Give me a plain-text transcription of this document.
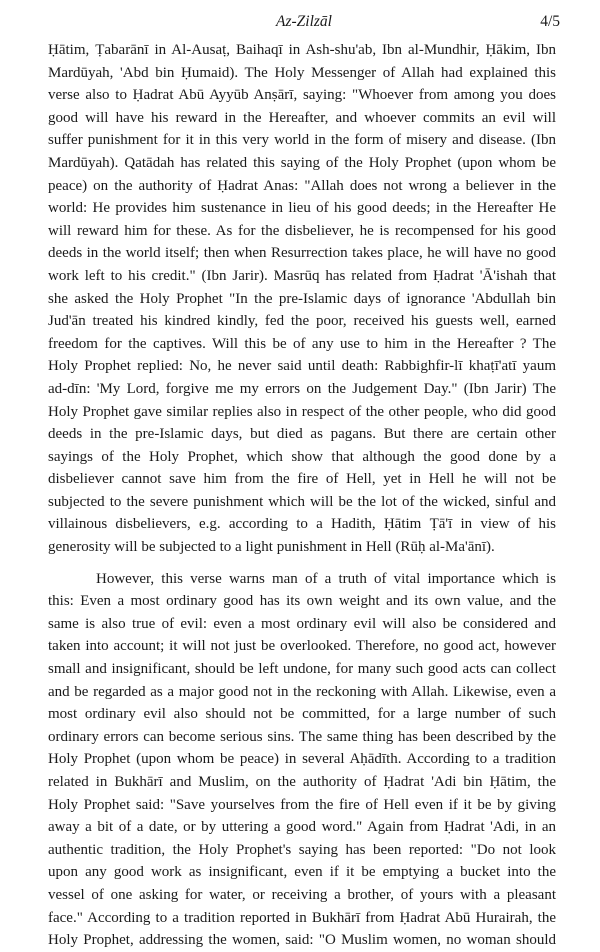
Az-Zilzāl	4/5
Ḥātim, Ṭabarānī in Al-Ausaṭ, Baihaqī in Ash-shu'ab, Ibn al-Mundhir, Ḥākim, Ibn
Mardūyah, 'Abd bin Ḥumaid). The Holy Messenger of Allah had explained this
verse also to Ḥadrat Abū Ayyūb Anṣārī, saying: "Whoever from among you does
good will have his reward in the Hereafter, and whoever commits an evil will
suffer punishment for it in this very world in the form of misery and disease. (Ibn
Mardūyah). Qatādah has related this saying of the Holy Prophet (upon whom be
peace) on the authority of Ḥadrat Anas: "Allah does not wrong a believer in the
world: He provides him sustenance in lieu of his good deeds; in the Hereafter He
will reward him for these. As for the disbeliever, he is recompensed for his good
deeds in the world itself; then when Resurrection takes place, he will have no good
work left to his credit." (Ibn Jarir). Masrūq has related from Ḥadrat 'Ā'ishah that
she asked the Holy Prophet "In the pre-Islamic days of ignorance 'Abdullah bin
Jud'ān treated his kindred kindly, fed the poor, received his guests well, earned
freedom for the captives. Will this be of any use to him in the Hereafter ? The
Holy Prophet replied: No, he never said until death: Rabbighfir-lī khaṭī'atī yaum
ad-dīn: 'My Lord, forgive me my errors on the Judgement Day." (Ibn Jarir) The
Holy Prophet gave similar replies also in respect of the other people, who did good
deeds in the pre-Islamic days, but died as pagans. But there are certain other
sayings of the Holy Prophet, which show that although the good done by a
disbeliever cannot save him from the fire of Hell, yet in Hell he will not be
subjected to the severe punishment which will be the lot of the wicked, sinful and
villainous disbelievers, e.g. according to a Hadith, Ḥātim Ṭā'ī in view of his
generosity will be subjected to a light punishment in Hell (Rūḥ al-Ma'ānī).
However, this verse warns man of a truth of vital importance which is
this: Even a most ordinary good has its own weight and its own value, and the
same is also true of evil: even a most ordinary evil will also be considered and
taken into account; it will not just be overlooked. Therefore, no good act, however
small and insignificant, should be left undone, for many such good acts can collect
and be regarded as a major good not in the reckoning with Allah. Likewise, even a
most ordinary evil also should not be committed, for a large number of such
ordinary errors can become serious sins. The same thing has been described by the
Holy Prophet (upon whom be peace) in several Aḥādīth. According to a tradition
related in Bukhārī and Muslim, on the authority of Ḥadrat 'Adi bin Ḥātim, the
Holy Prophet said: "Save yourselves from the fire of Hell even if it be by giving
away a bit of a date, or by uttering a good word." Again from Ḥadrat 'Adi, in an
authentic tradition, the Holy Prophet's saying has been reported: "Do not look
upon any good work as insignificant, even if it be emptying a bucket into the
vessel of one asking for water, or receiving a brother, of yours with a pleasant
face." According to a tradition reported in Bukhārī from Ḥadrat Abū Hurairah, the
Holy Prophet, addressing the women, said: "O Muslim women, no woman should
